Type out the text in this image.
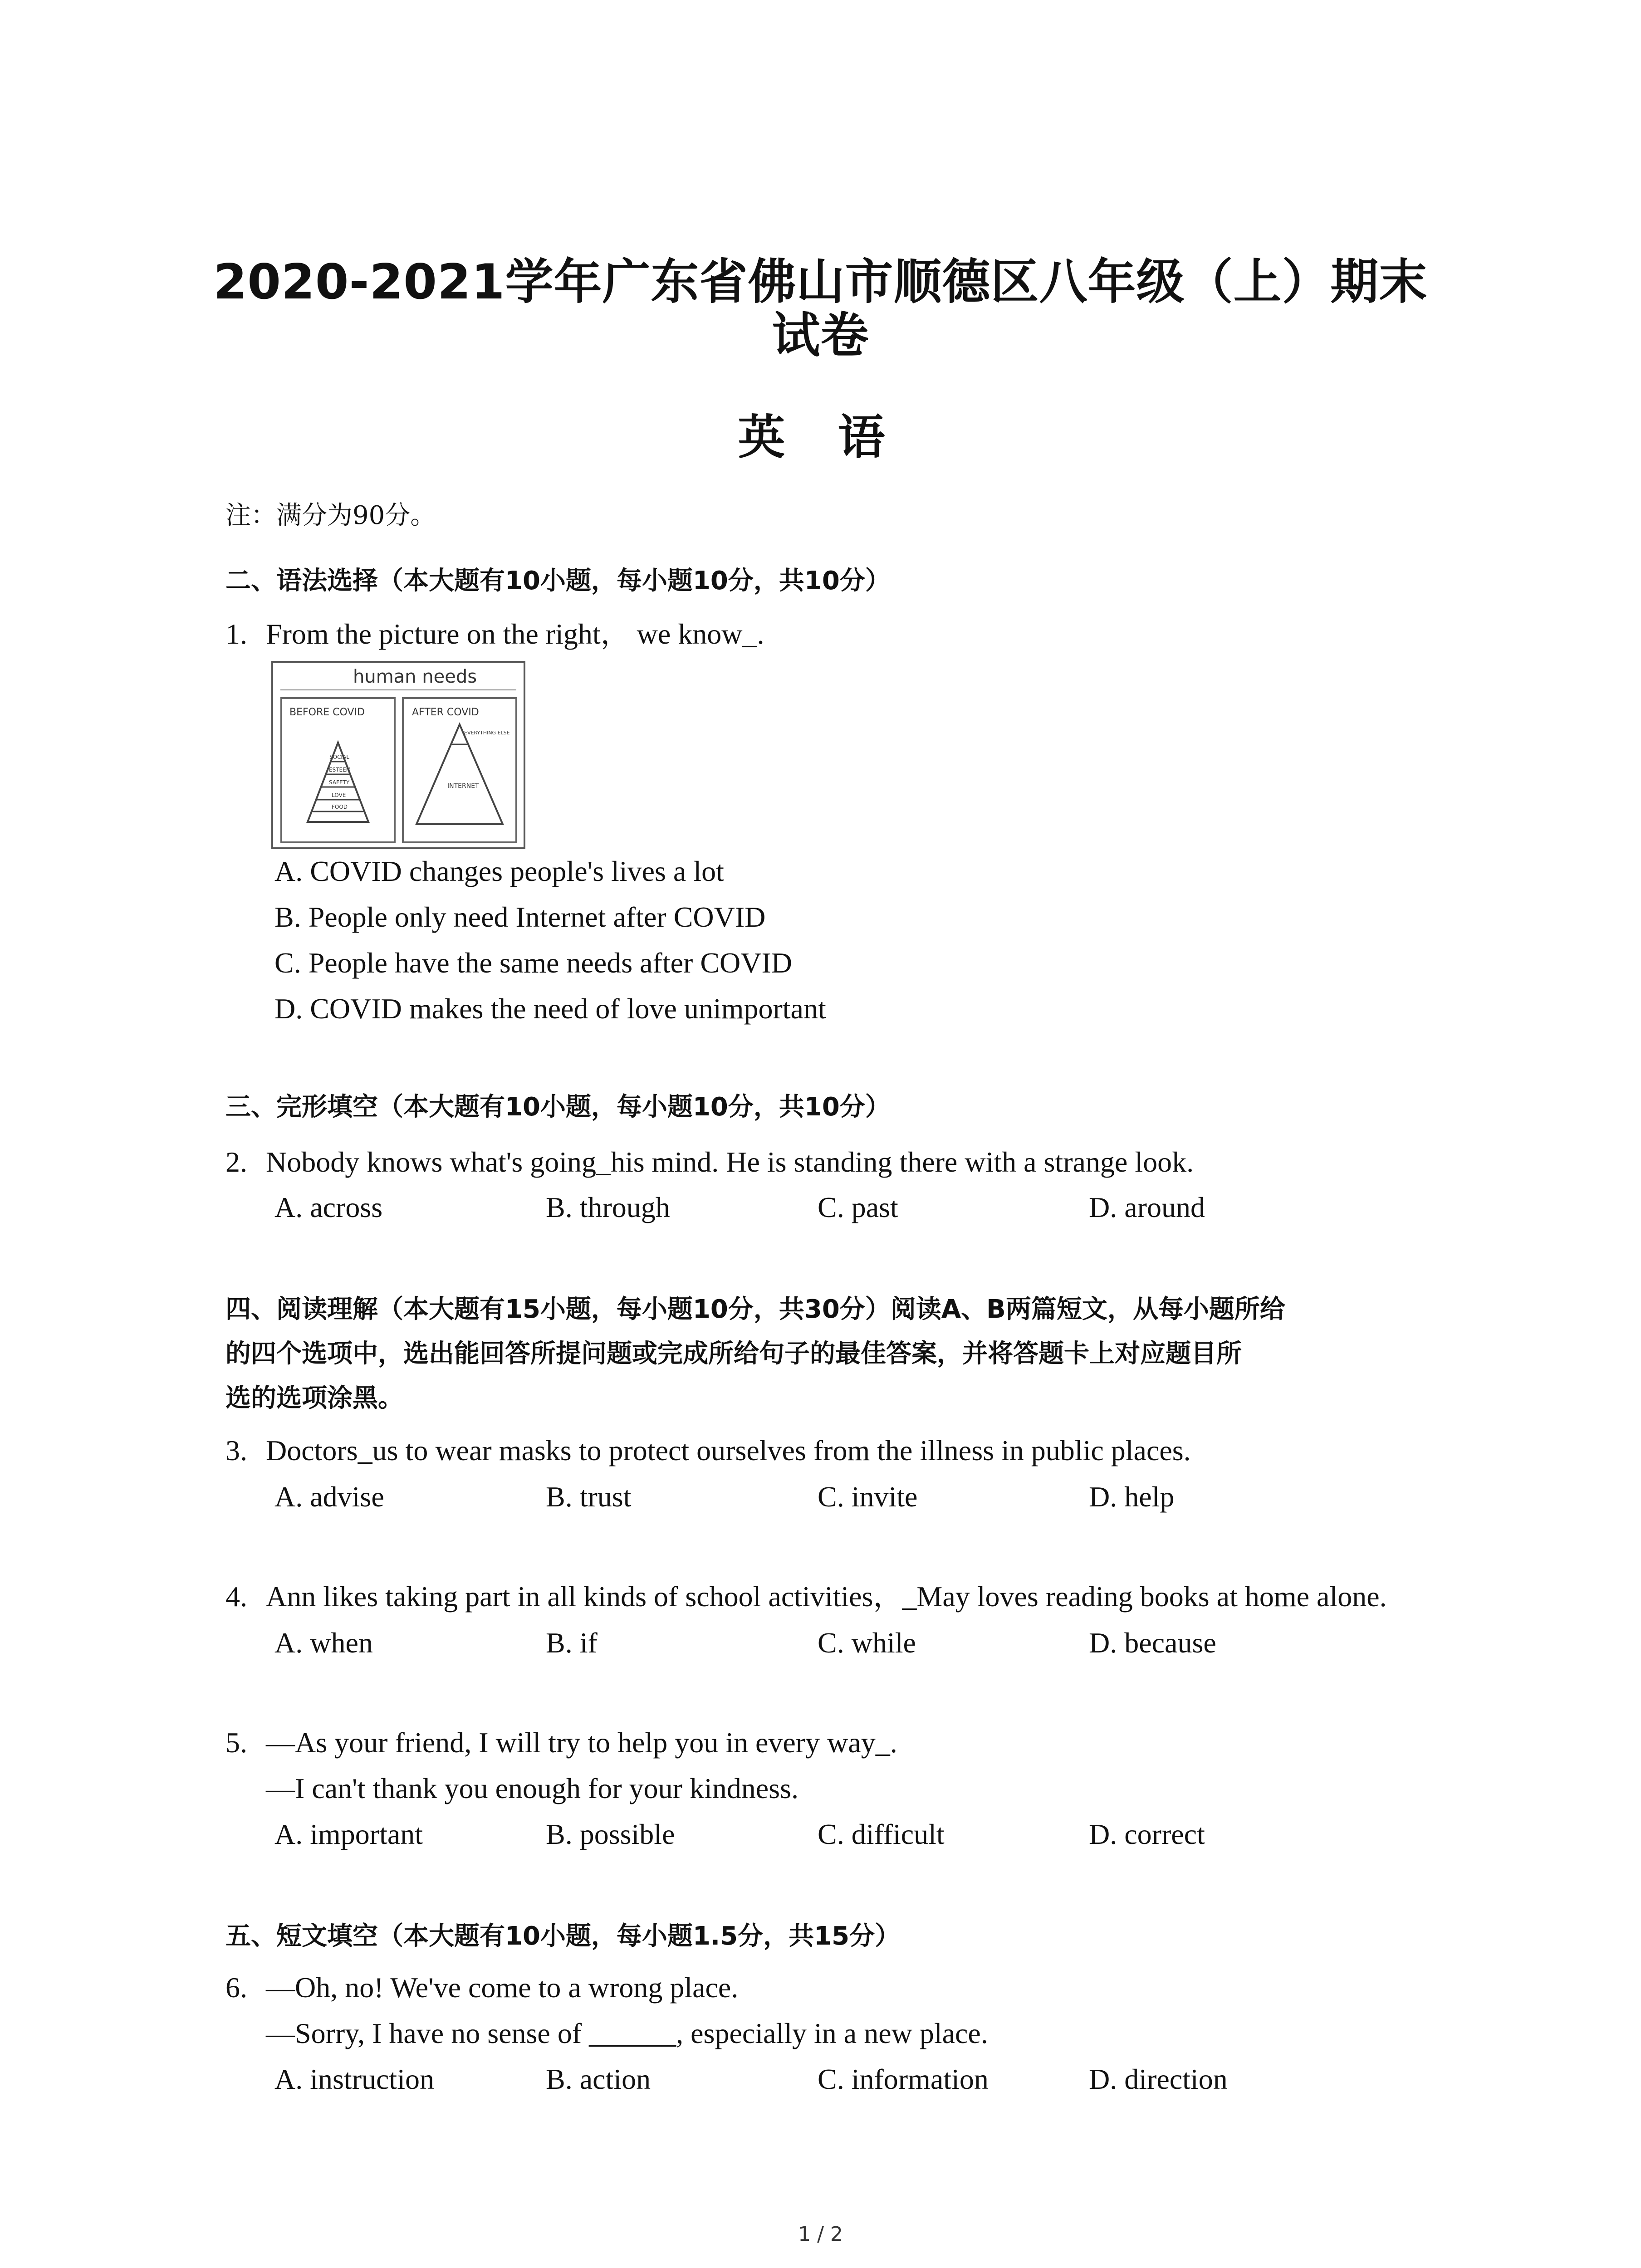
2020-2021学年广东省佛山市顺德区八年级（上）期末
试卷
英 语
注：满分为90分。
二、语法选择（本大题有10小题，每小题10分，共10分）
1. From the picture on the right， we know_.
human needs
BEFORE COVID
SOCIAL
ESTEEM
SAFETY
LOVE
FOOD
AFTER COVID
EVERYTHING ELSE
INTERNET
A. COVID changes people's lives a lot
B. People only need Internet after COVID
C. People have the same needs after COVID
D. COVID makes the need of love unimportant
三、完形填空（本大题有10小题，每小题10分，共10分）
2. Nobody knows what's going_his mind. He is standing there with a strange look.
A. across	B. through	C. past	D. around
四、阅读理解（本大题有15小题，每小题10分，共30分）阅读A、B两篇短文，从每小题所给
的四个选项中，选出能回答所提问题或完成所给句子的最佳答案，并将答题卡上对应题目所
选的选项涂黑。
3. Doctors_us to wear masks to protect ourselves from the illness in public places.
A. advise	B. trust	C. invite	D. help
4. Ann likes taking part in all kinds of school activities，_May loves reading books at home alone.
A. when	B. if	C. while	D. because
5. —As your friend, I will try to help you in every way_.
—I can't thank you enough for your kindness.
A. important	B. possible	C. difficult	D. correct
五、短文填空（本大题有10小题，每小题1.5分，共15分）
6. —Oh, no! We've come to a wrong place.
—Sorry, I have no sense of ______, especially in a new place.
A. instruction	B. action	C. information	D. direction
1 / 2
